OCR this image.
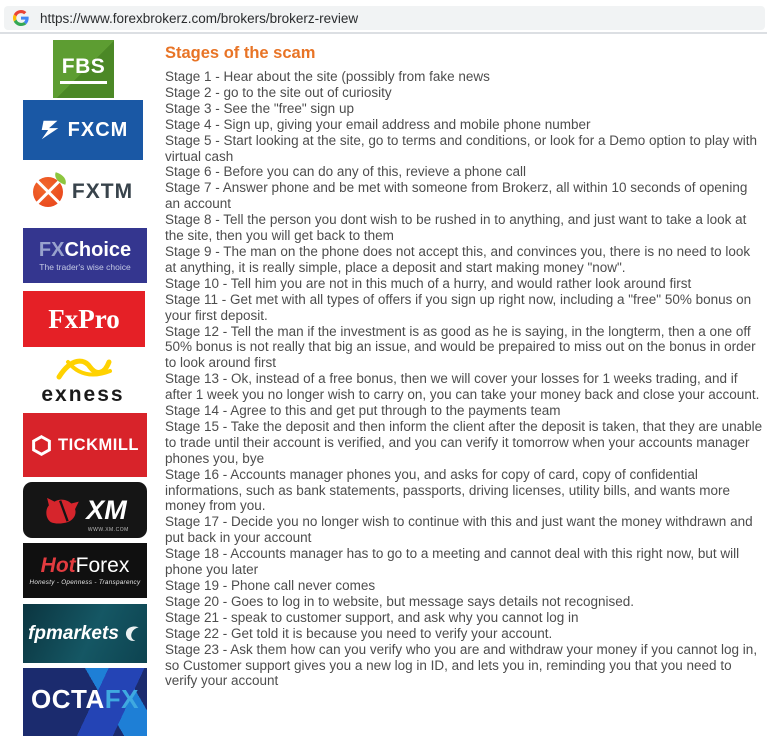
https://www.forexbrokerz.com/brokers/brokerz-review
FBS
FXCM
FXTM
FXChoice
The trader's wise choice
FxPro
exness
TICKMILL
XM
WWW.XM.COM
Hot Forex
Honesty - Openness - Transparency
fpmarkets
OCTAFX
Stages of the scam
Stage 1 - Hear about the site (possibly from fake news
Stage 2 - go to the site out of curiosity
Stage 3 - See the "free" sign up
Stage 4 - Sign up, giving your email address and mobile phone number
Stage 5 - Start looking at the site, go to terms and conditions, or look for a Demo option to play with virtual cash
Stage 6 - Before you can do any of this, revieve a phone call
Stage 7 - Answer phone and be met with someone from Brokerz, all within 10 seconds of opening an account
Stage 8 - Tell the person you dont wish to be rushed in to anything, and just want to take a look at the site, then you will get back to them
Stage 9 - The man on the phone does not accept this, and convinces you, there is no need to look at anything, it is really simple, place a deposit and start making money "now".
Stage 10 - Tell him you are not in this much of a hurry, and would rather look around first
Stage 11 - Get met with all types of offers if you sign up right now, including a "free" 50% bonus on your first deposit.
Stage 12 - Tell the man if the investment is as good as he is saying, in the longterm, then a one off 50% bonus is not really that big an issue, and would be prepaired to miss out on the bonus in order to look around first
Stage 13 - Ok, instead of a free bonus, then we will cover your losses for 1 weeks trading, and if after 1 week you no longer wish to carry on, you can take your money back and close your account.
Stage 14 - Agree to this and get put through to the payments team
Stage 15 - Take the deposit and then inform the client after the deposit is taken, that they are unable to trade until their account is verified, and you can verify it tomorrow when your accounts manager phones you, bye
Stage 16 - Accounts manager phones you, and asks for copy of card, copy of confidential informations, such as bank statements, passports, driving licenses, utility bills, and wants more money from you.
Stage 17 - Decide you no longer wish to continue with this and just want the money withdrawn and put back in your account
Stage 18 - Accounts manager has to go to a meeting and cannot deal with this right now, but will phone you later
Stage 19 - Phone call never comes
Stage 20 - Goes to log in to website, but message says details not recognised.
Stage 21 - speak to customer support, and ask why you cannot log in
Stage 22 - Get told it is because you need to verify your account.
Stage 23 - Ask them how can you verify who you are and withdraw your money if you cannot log in, so Customer support gives you a new log in ID, and lets you in, reminding you that you need to verify your account
